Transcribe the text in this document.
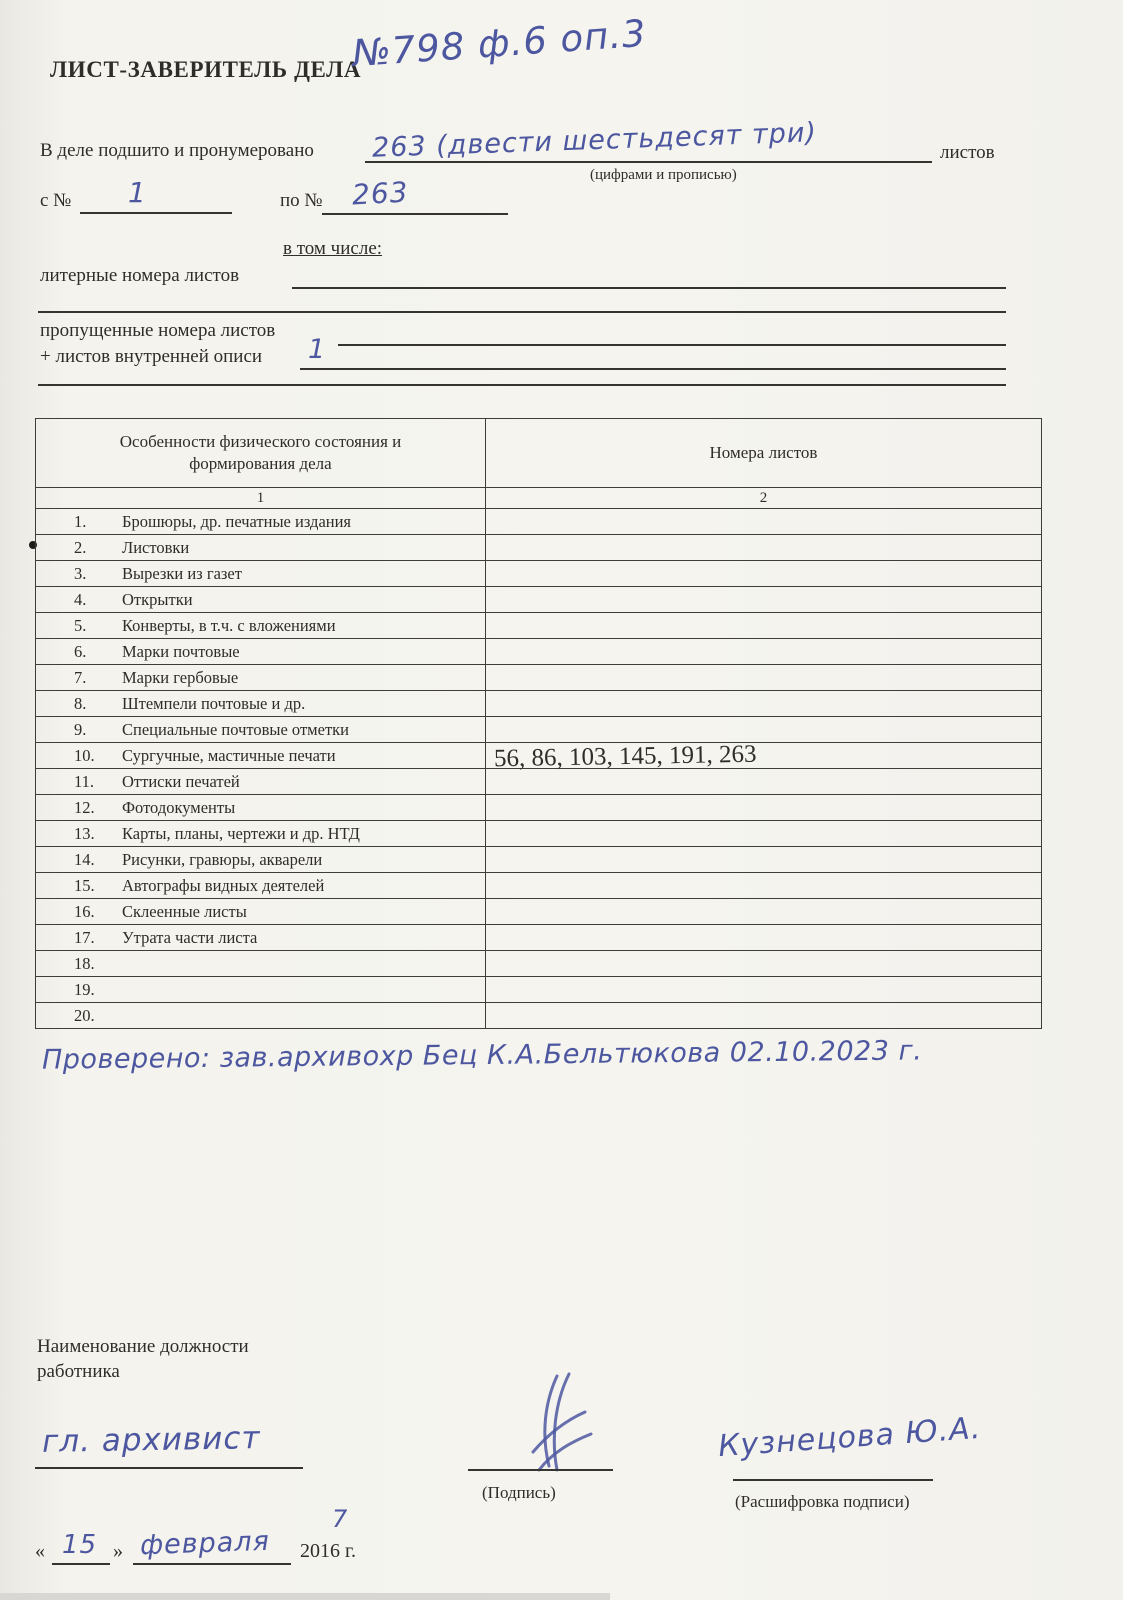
ЛИСТ-ЗАВЕРИТЕЛЬ ДЕЛА
№798 ф.6 оп.3
В деле подшито и пронумеровано 263 (двести шестьдесят три)	листов
(цифрами и прописью)
с № 1	по № 263
в том числе:
литерные номера листов
пропущенные номера листов
+ листов внутренней описи 1
Особенности физического состояния и формирования дела	Номера листов
1	2
1. Брошюры, др. печатные издания	

2. Листовки	

3. Вырезки из газет	

4. Открытки	

5. Конверты, в т.ч. с вложениями	

6. Марки почтовые	

7. Марки гербовые	

8. Штемпели почтовые и др.	

9. Специальные почтовые отметки	

10. Сургучные, мастичные печати	56, 86, 103, 145, 191, 263

11. Оттиски печатей	

12. Фотодокументы	

13. Карты, планы, чертежи и др. НТД	

14. Рисунки, гравюры, акварели	

15. Автографы видных деятелей	

16. Склеенные листы	

17. Утрата части листа	

18.	

19.	

20.	
Проверено: зав.архивохр Бец К.А.Бельтюкова 02.10.2023 г.
Наименование должности
работника
гл. архивист
(Подпись)
Кузнецова Ю.А.
(Расшифровка подписи)
« 15 » февраля 2016 г.
7
